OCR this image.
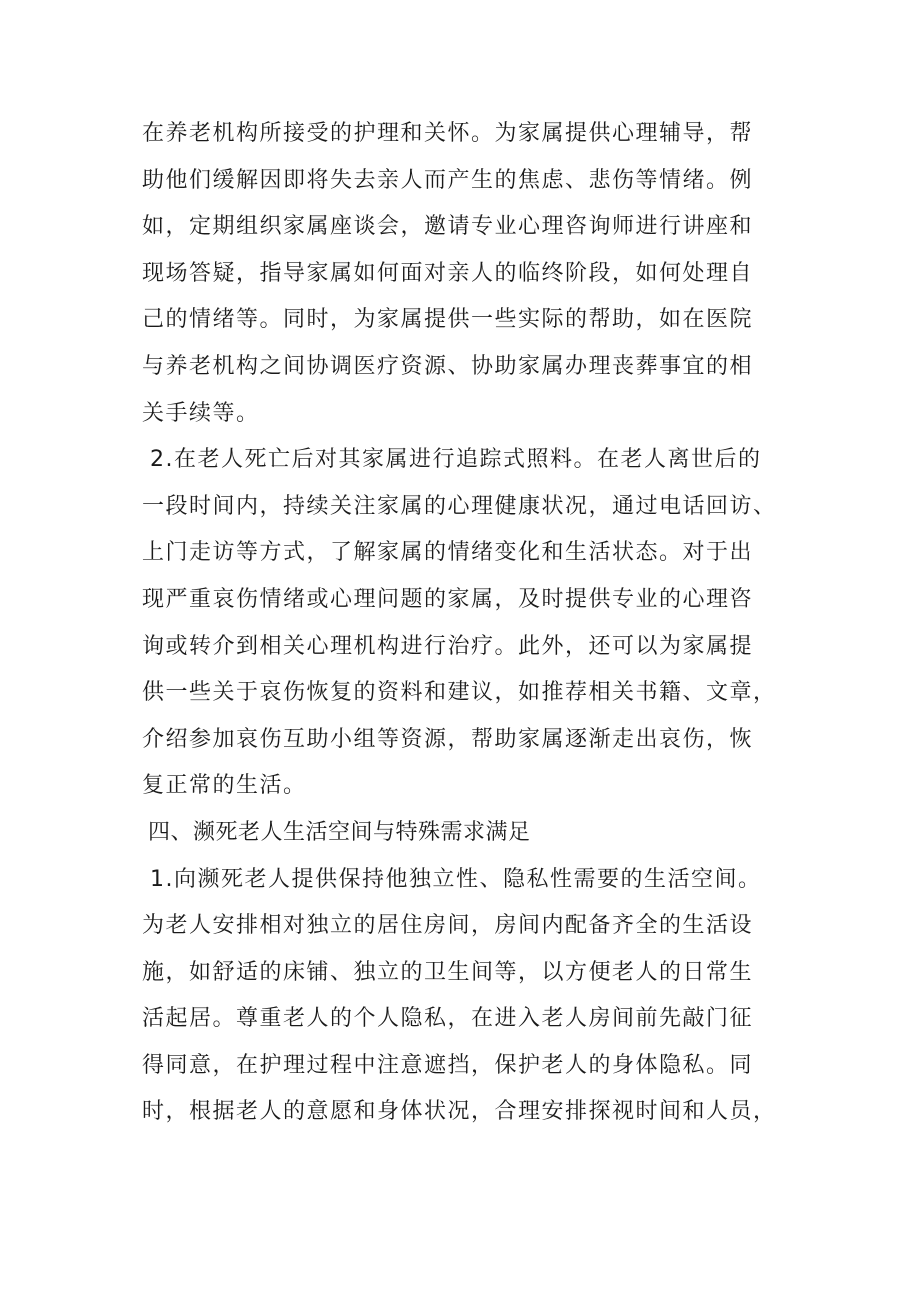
在养老机构所接受的护理和关怀。为家属提供心理辅导，帮
助他们缓解因即将失去亲人而产生的焦虑、悲伤等情绪。例
如，定期组织家属座谈会，邀请专业心理咨询师进行讲座和
现场答疑，指导家属如何面对亲人的临终阶段，如何处理自
己的情绪等。同时，为家属提供一些实际的帮助，如在医院
与养老机构之间协调医疗资源、协助家属办理丧葬事宜的相
关手续等。
2.在老人死亡后对其家属进行追踪式照料。在老人离世后的
一段时间内，持续关注家属的心理健康状况，通过电话回访、
上门走访等方式，了解家属的情绪变化和生活状态。对于出
现严重哀伤情绪或心理问题的家属，及时提供专业的心理咨
询或转介到相关心理机构进行治疗。此外，还可以为家属提
供一些关于哀伤恢复的资料和建议，如推荐相关书籍、文章，
介绍参加哀伤互助小组等资源，帮助家属逐渐走出哀伤，恢
复正常的生活。
四、濒死老人生活空间与特殊需求满足
1.向濒死老人提供保持他独立性、隐私性需要的生活空间。
为老人安排相对独立的居住房间，房间内配备齐全的生活设
施，如舒适的床铺、独立的卫生间等，以方便老人的日常生
活起居。尊重老人的个人隐私，在进入老人房间前先敲门征
得同意，在护理过程中注意遮挡，保护老人的身体隐私。同
时，根据老人的意愿和身体状况，合理安排探视时间和人员，
